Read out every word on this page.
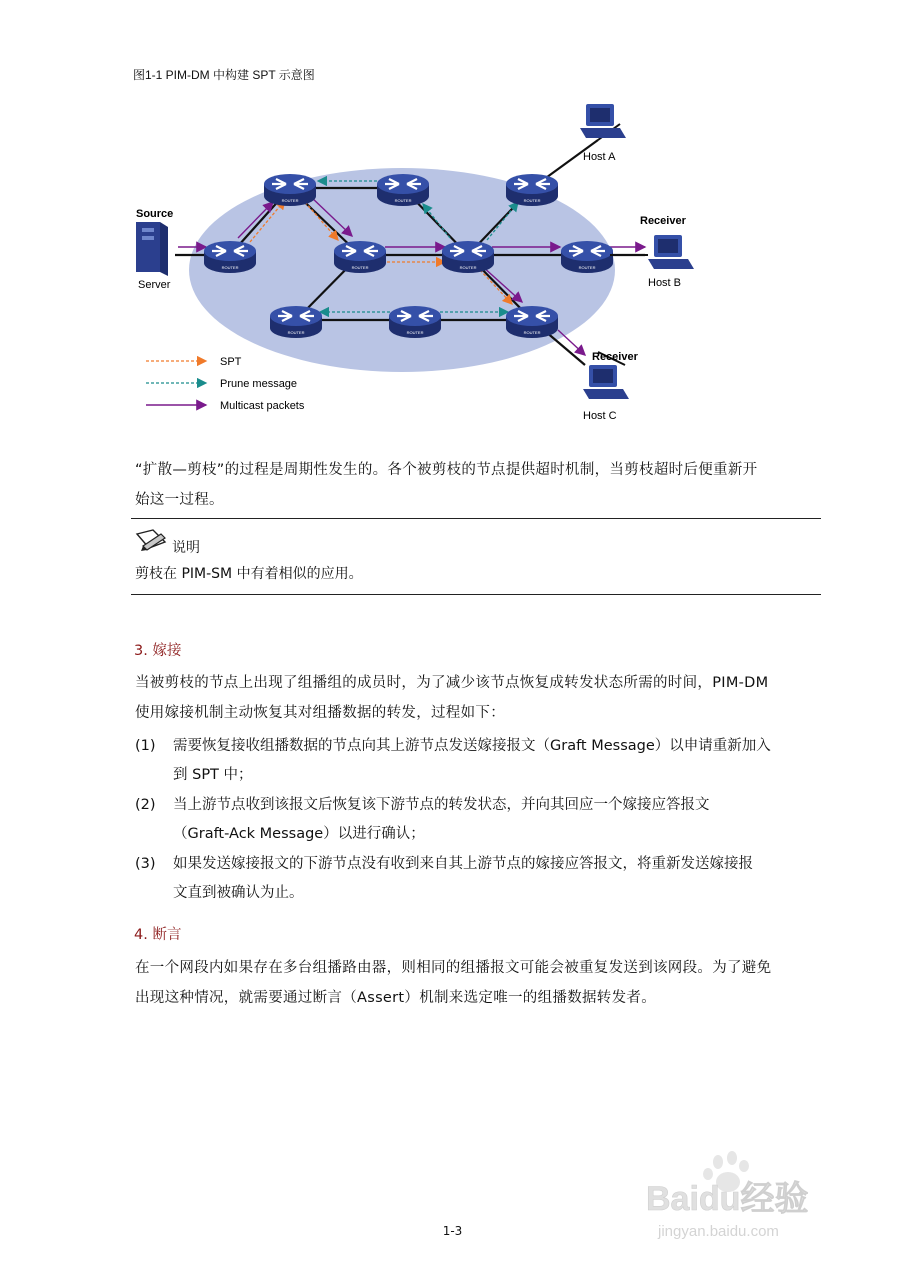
图1-1 PIM-DM 中构建 SPT 示意图
ROUTER
ROUTER	ROUTER	ROUTER
ROUTER	ROUTER	ROUTER
ROUTER	ROUTER	ROUTER
Source
Server
Host A
Receiver
Host B
Receiver
Host C
SPT
Prune message
Multicast packets
“扩散—剪枝”的过程是周期性发生的。各个被剪枝的节点提供超时机制，当剪枝超时后便重新开
始这一过程。
说明
剪枝在 PIM-SM 中有着相似的应用。
3. 嫁接
当被剪枝的节点上出现了组播组的成员时，为了减少该节点恢复成转发状态所需的时间，PIM-DM
使用嫁接机制主动恢复其对组播数据的转发，过程如下：
(1) 需要恢复接收组播数据的节点向其上游节点发送嫁接报文（Graft Message）以申请重新加入
到 SPT 中；
(2) 当上游节点收到该报文后恢复该下游节点的转发状态，并向其回应一个嫁接应答报文
（Graft-Ack Message）以进行确认；
(3) 如果发送嫁接报文的下游节点没有收到来自其上游节点的嫁接应答报文，将重新发送嫁接报
文直到被确认为止。
4. 断言
在一个网段内如果存在多台组播路由器，则相同的组播报文可能会被重复发送到该网段。为了避免
出现这种情况，就需要通过断言（Assert）机制来选定唯一的组播数据转发者。
Baidu经验
jingyan.baidu.com
1-3
